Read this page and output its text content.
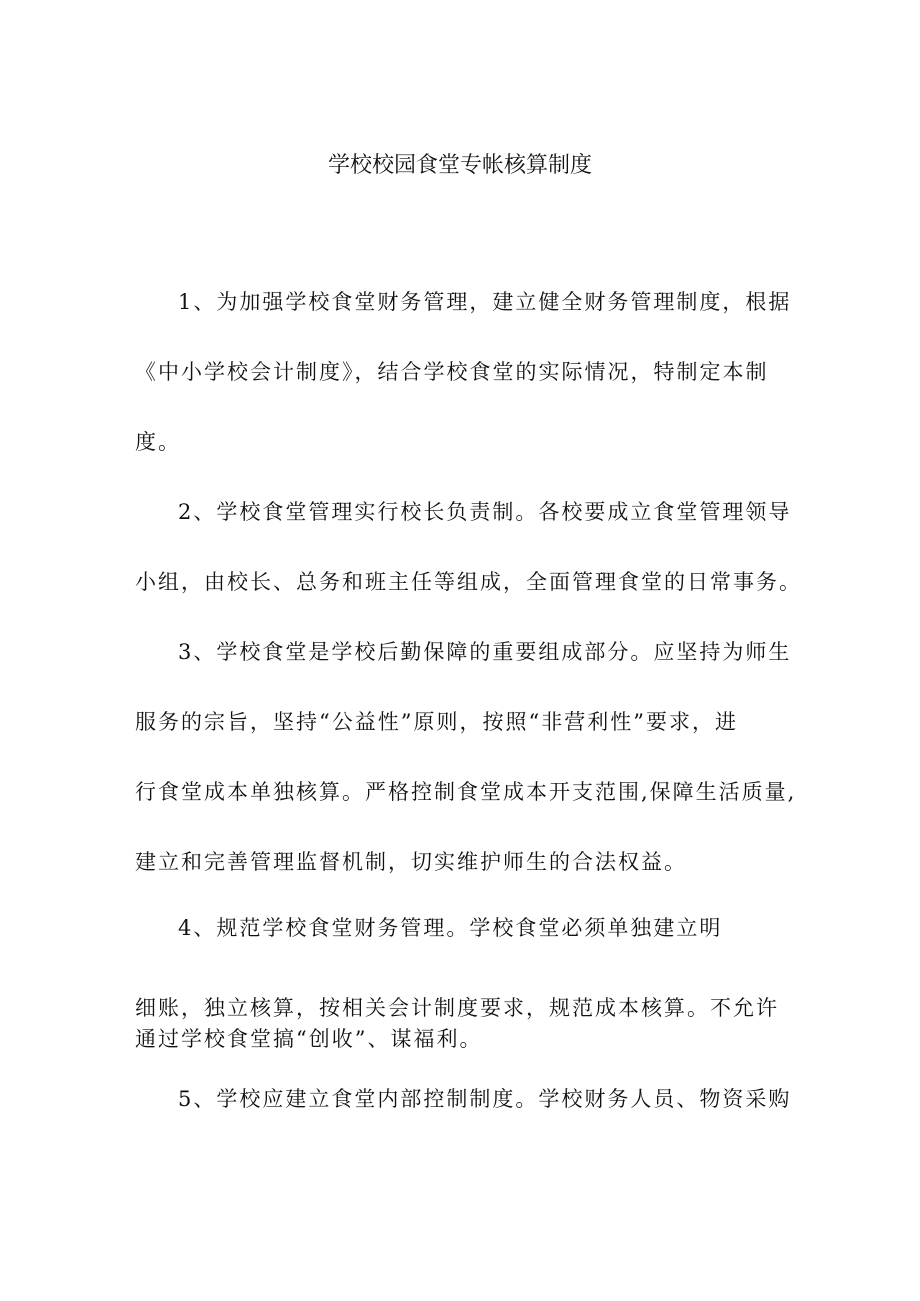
学校校园食堂专帐核算制度
1、为加强学校食堂财务管理，建立健全财务管理制度，根据
《中小学校会计制度》，结合学校食堂的实际情况，特制定本制
度。
2、学校食堂管理实行校长负责制。各校要成立食堂管理领导
小组，由校长、总务和班主任等组成，全面管理食堂的日常事务。
3、学校食堂是学校后勤保障的重要组成部分。应坚持为师生
服务的宗旨，坚持“公益性”原则，按照“非营利性”要求，进
行食堂成本单独核算。严格控制食堂成本开支范围,保障生活质量,
建立和完善管理监督机制，切实维护师生的合法权益。
4、规范学校食堂财务管理。学校食堂必须单独建立明
细账，独立核算，按相关会计制度要求，规范成本核算。不允许
通过学校食堂搞“创收”、谋福利。
5、学校应建立食堂内部控制制度。学校财务人员、物资采购
